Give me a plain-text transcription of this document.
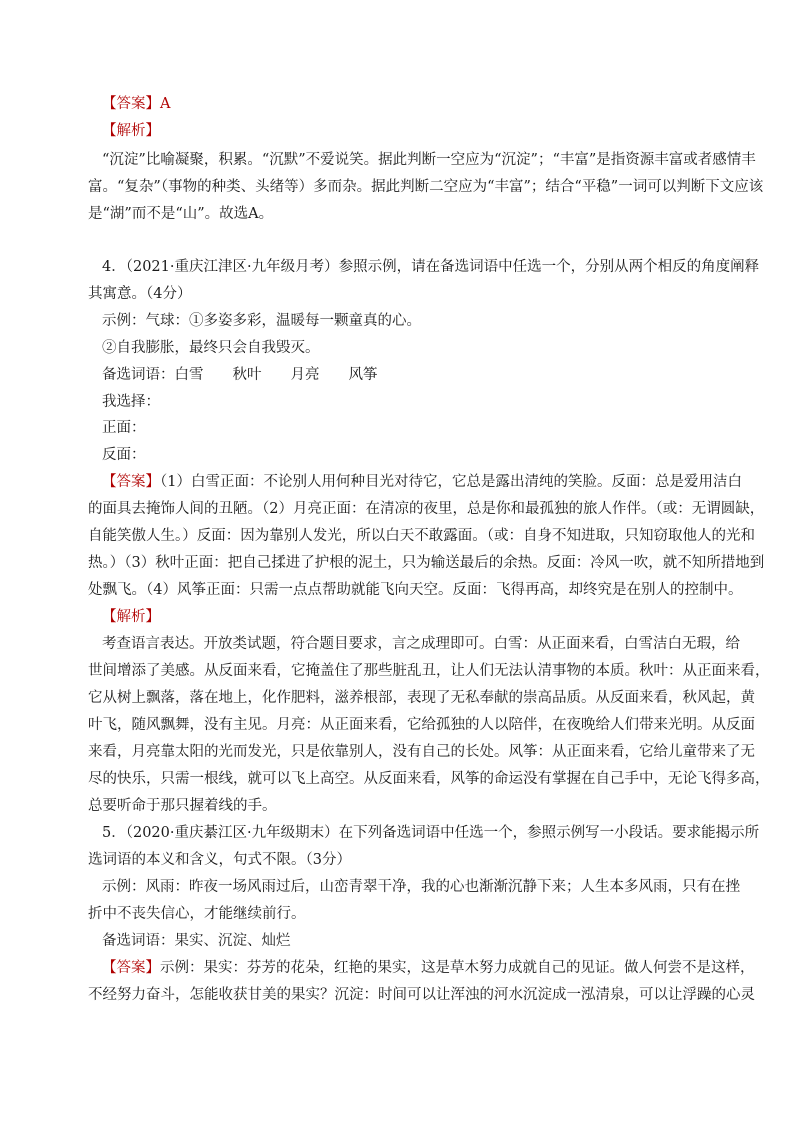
【答案】A
【解析】
“沉淀”比喻凝聚，积累。“沉默”不爱说笑。据此判断一空应为“沉淀”；“丰富”是指资源丰富或者感情丰
富。“复杂”（事物的种类、头绪等）多而杂。据此判断二空应为“丰富”；结合“平稳”一词可以判断下文应该
是“湖”而不是“山”。故选A。
4．（2021·重庆江津区·九年级月考）参照示例，请在备选词语中任选一个，分别从两个相反的角度阐释
其寓意。（4分）
示例：气球：①多姿多彩，温暖每一颗童真的心。
②自我膨胀，最终只会自我毁灭。
备选词语：白雪　　秋叶　　月亮　　风筝
我选择：
正面：
反面：
【答案】（1）白雪正面：不论别人用何种目光对待它，它总是露出清纯的笑脸。反面：总是爱用洁白
的面具去掩饰人间的丑陋。（2）月亮正面：在清凉的夜里，总是你和最孤独的旅人作伴。（或：无谓圆缺，
自能笑傲人生。）反面：因为靠别人发光，所以白天不敢露面。（或：自身不知进取，只知窃取他人的光和
热。）（3）秋叶正面：把自己揉进了护根的泥土，只为输送最后的余热。反面：冷风一吹，就不知所措地到
处飘飞。（4）风筝正面：只需一点点帮助就能飞向天空。反面：飞得再高，却终究是在别人的控制中。
【解析】
考查语言表达。开放类试题，符合题目要求，言之成理即可。白雪：从正面来看，白雪洁白无瑕，给
世间增添了美感。从反面来看，它掩盖住了那些脏乱丑，让人们无法认清事物的本质。秋叶：从正面来看，
它从树上飘落，落在地上，化作肥料，滋养根部，表现了无私奉献的崇高品质。从反面来看，秋风起，黄
叶飞，随风飘舞，没有主见。月亮：从正面来看，它给孤独的人以陪伴，在夜晚给人们带来光明。从反面
来看，月亮靠太阳的光而发光，只是依靠别人，没有自己的长处。风筝：从正面来看，它给儿童带来了无
尽的快乐，只需一根线，就可以飞上高空。从反面来看，风筝的命运没有掌握在自己手中，无论飞得多高，
总要听命于那只握着线的手。
5．（2020·重庆綦江区·九年级期末）在下列备选词语中任选一个，参照示例写一小段话。要求能揭示所
选词语的本义和含义，句式不限。（3分）
示例：风雨：昨夜一场风雨过后，山峦青翠干净，我的心也渐渐沉静下来；人生本多风雨，只有在挫
折中不丧失信心，才能继续前行。
备选词语：果实、沉淀、灿烂
【答案】示例：果实：芬芳的花朵，红艳的果实，这是草木努力成就自己的见证。做人何尝不是这样，
不经努力奋斗，怎能收获甘美的果实？沉淀：时间可以让浑浊的河水沉淀成一泓清泉，可以让浮躁的心灵
